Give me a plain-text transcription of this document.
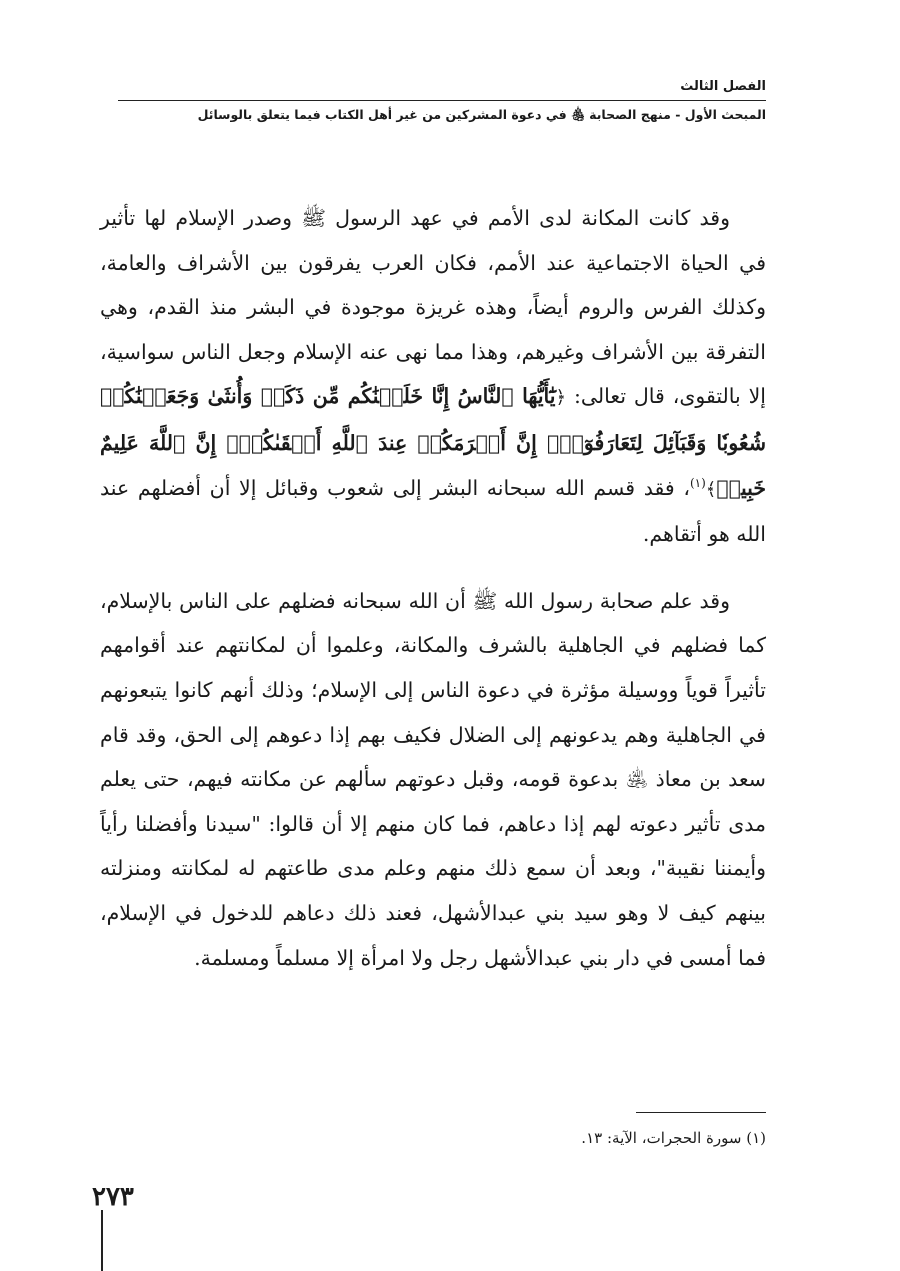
الفصل الثالث
المبحث الأول - منهج الصحابة ﵃ في دعوة المشركين من غير أهل الكتاب فيما يتعلق بالوسائل

وقد كانت المكانة لدى الأمم في عهد الرسول ﷺ وصدر الإسلام لها تأثير في الحياة الاجتماعية عند الأمم، فكان العرب يفرقون بين الأشراف والعامة، وكذلك الفرس والروم أيضاً، وهذه غريزة موجودة في البشر منذ القدم، وهي التفرقة بين الأشراف وغيرهم، وهذا مما نهى عنه الإسلام وجعل الناس سواسية، إلا بالتقوى، قال تعالى: ﴿يَٰٓأَيُّهَا ٱلنَّاسُ إِنَّا خَلَقۡنَٰكُم مِّن ذَكَرٖ وَأُنثَىٰ وَجَعَلۡنَٰكُمۡ شُعُوبٗا وَقَبَآئِلَ لِتَعَارَفُوٓاْۚ إِنَّ أَكۡرَمَكُمۡ عِندَ ٱللَّهِ أَتۡقَىٰكُمۡۚ إِنَّ ٱللَّهَ عَلِيمٌ خَبِيرٞ﴾$^{(١)}$، فقد قسم الله سبحانه البشر إلى شعوب وقبائل إلا أن أفضلهم عند الله هو أتقاهم.

وقد علم صحابة رسول الله ﷺ أن الله سبحانه فضلهم على الناس بالإسلام، كما فضلهم في الجاهلية بالشرف والمكانة، وعلموا أن لمكانتهم عند أقوامهم تأثيراً قوياً ووسيلة مؤثرة في دعوة الناس إلى الإسلام؛ وذلك أنهم كانوا يتبعونهم في الجاهلية وهم يدعونهم إلى الضلال فكيف بهم إذا دعوهم إلى الحق، وقد قام سعد بن معاذ ﵁ بدعوة قومه، وقبل دعوتهم سألهم عن مكانته فيهم، حتى يعلم مدى تأثير دعوته لهم إذا دعاهم، فما كان منهم إلا أن قالوا: "سيدنا وأفضلنا رأياً وأيمننا نقيبة"، وبعد أن سمع ذلك منهم وعلم مدى طاعتهم له لمكانته ومنزلته بينهم كيف لا وهو سيد بني عبدالأشهل، فعند ذلك دعاهم للدخول في الإسلام، فما أمسى في دار بني عبدالأشهل رجل ولا امرأة إلا مسلماً ومسلمة.

(١) سورة الحجرات، الآية: ١٣.
٢٧٣
